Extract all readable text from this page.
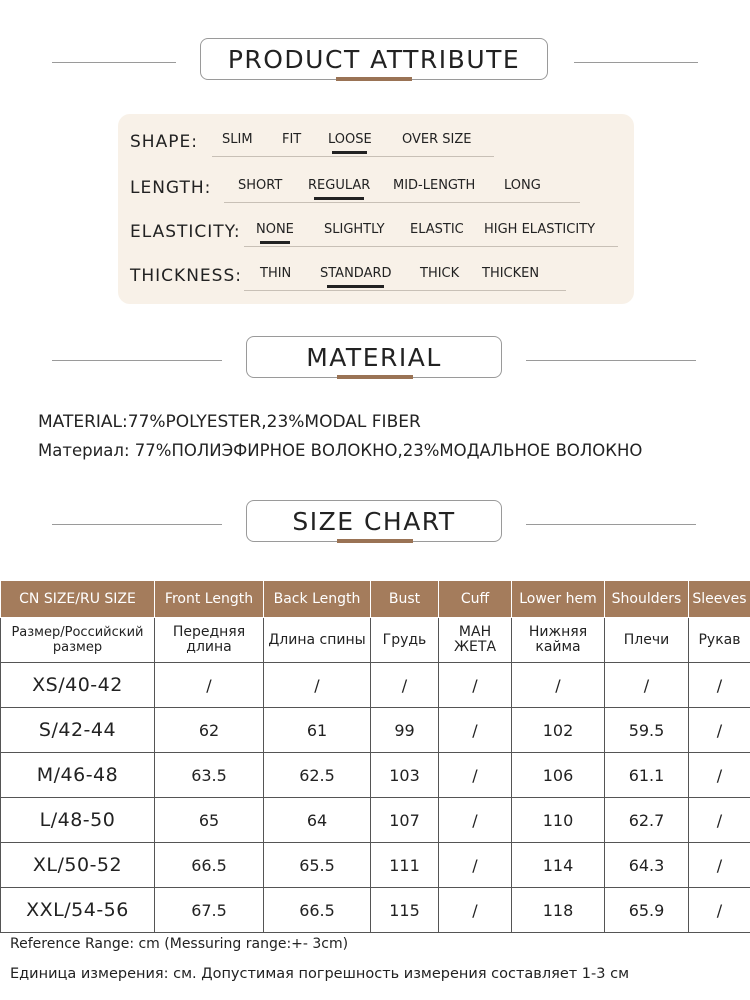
PRODUCT ATTRIBUTE
SHAPE: SLIM FIT LOOSE OVER SIZE
LENGTH: SHORT REGULAR MID-LENGTH LONG
ELASTICITY: NONE SLIGHTLY ELASTIC HIGH ELASTICITY
THICKNESS: THIN STANDARD THICK THICKEN
MATERIAL
MATERIAL:77%POLYESTER,23%MODAL FIBER
Материал: 77%ПОЛИЭФИРНОЕ ВОЛОКНО,23%МОДАЛЬНОЕ ВОЛОКНО
SIZE CHART
CN SIZE/RU SIZE	Front Length	Back Length	Bust	Cuff	Lower hem	Shoulders	Sleeves
Размер/Российский размер	Передняя длина	Длина спины	Грудь	МАН ЖЕТА	Нижняя кайма	Плечи	Рукав
XS/40-42	/	/	/	/	/	/	/
S/42-44	62	61	99	/	102	59.5	/
M/46-48	63.5	62.5	103	/	106	61.1	/
L/48-50	65	64	107	/	110	62.7	/
XL/50-52	66.5	65.5	111	/	114	64.3	/
XXL/54-56	67.5	66.5	115	/	118	65.9	/
Reference Range: cm (Messuring range:+- 3cm)
Единица измерения: см. Допустимая погрешность измерения составляет 1-3 см
